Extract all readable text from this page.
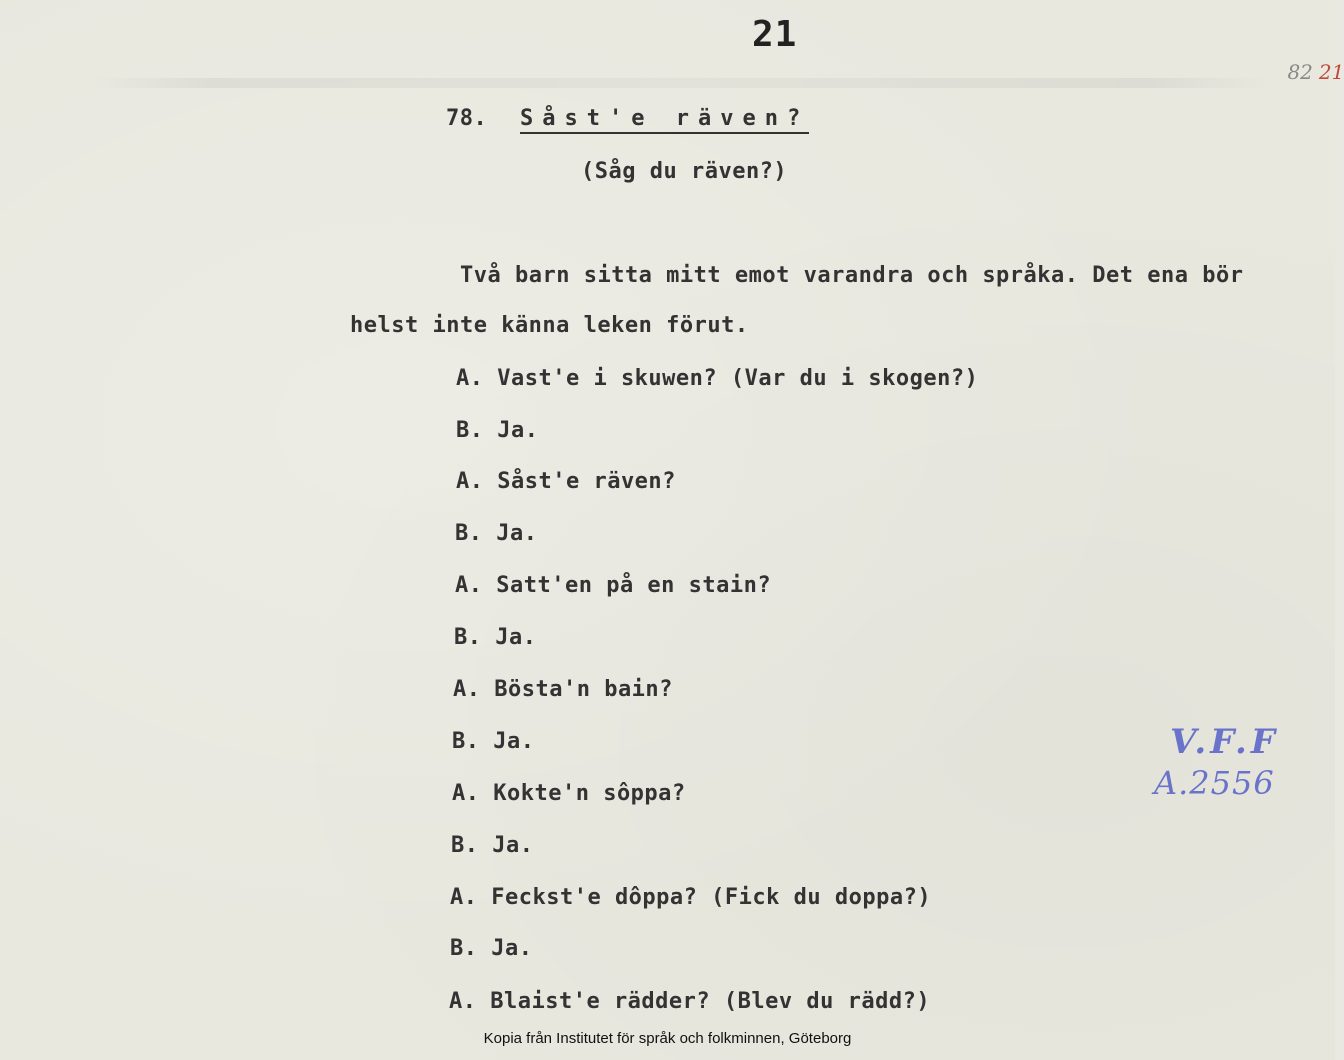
21

82 21

78. Såst'e räven?
(Såg du räven?)
Två barn sitta mitt emot varandra och språka. Det ena bör
helst inte känna leken förut.
A. Vast'e i skuwen? (Var du i skogen?)
B. Ja.
A. Såst'e räven?
B. Ja.
A. Satt'en på en stain?
B. Ja.
A. Bösta'n bain?
B. Ja.
A. Kokte'n sôppa?
B. Ja.
A. Feckst'e dôppa? (Fick du doppa?)
B. Ja.
A. Blaist'e rädder? (Blev du rädd?)
V.F.F
A.2556
Kopia från Institutet för språk och folkminnen, Göteborg
